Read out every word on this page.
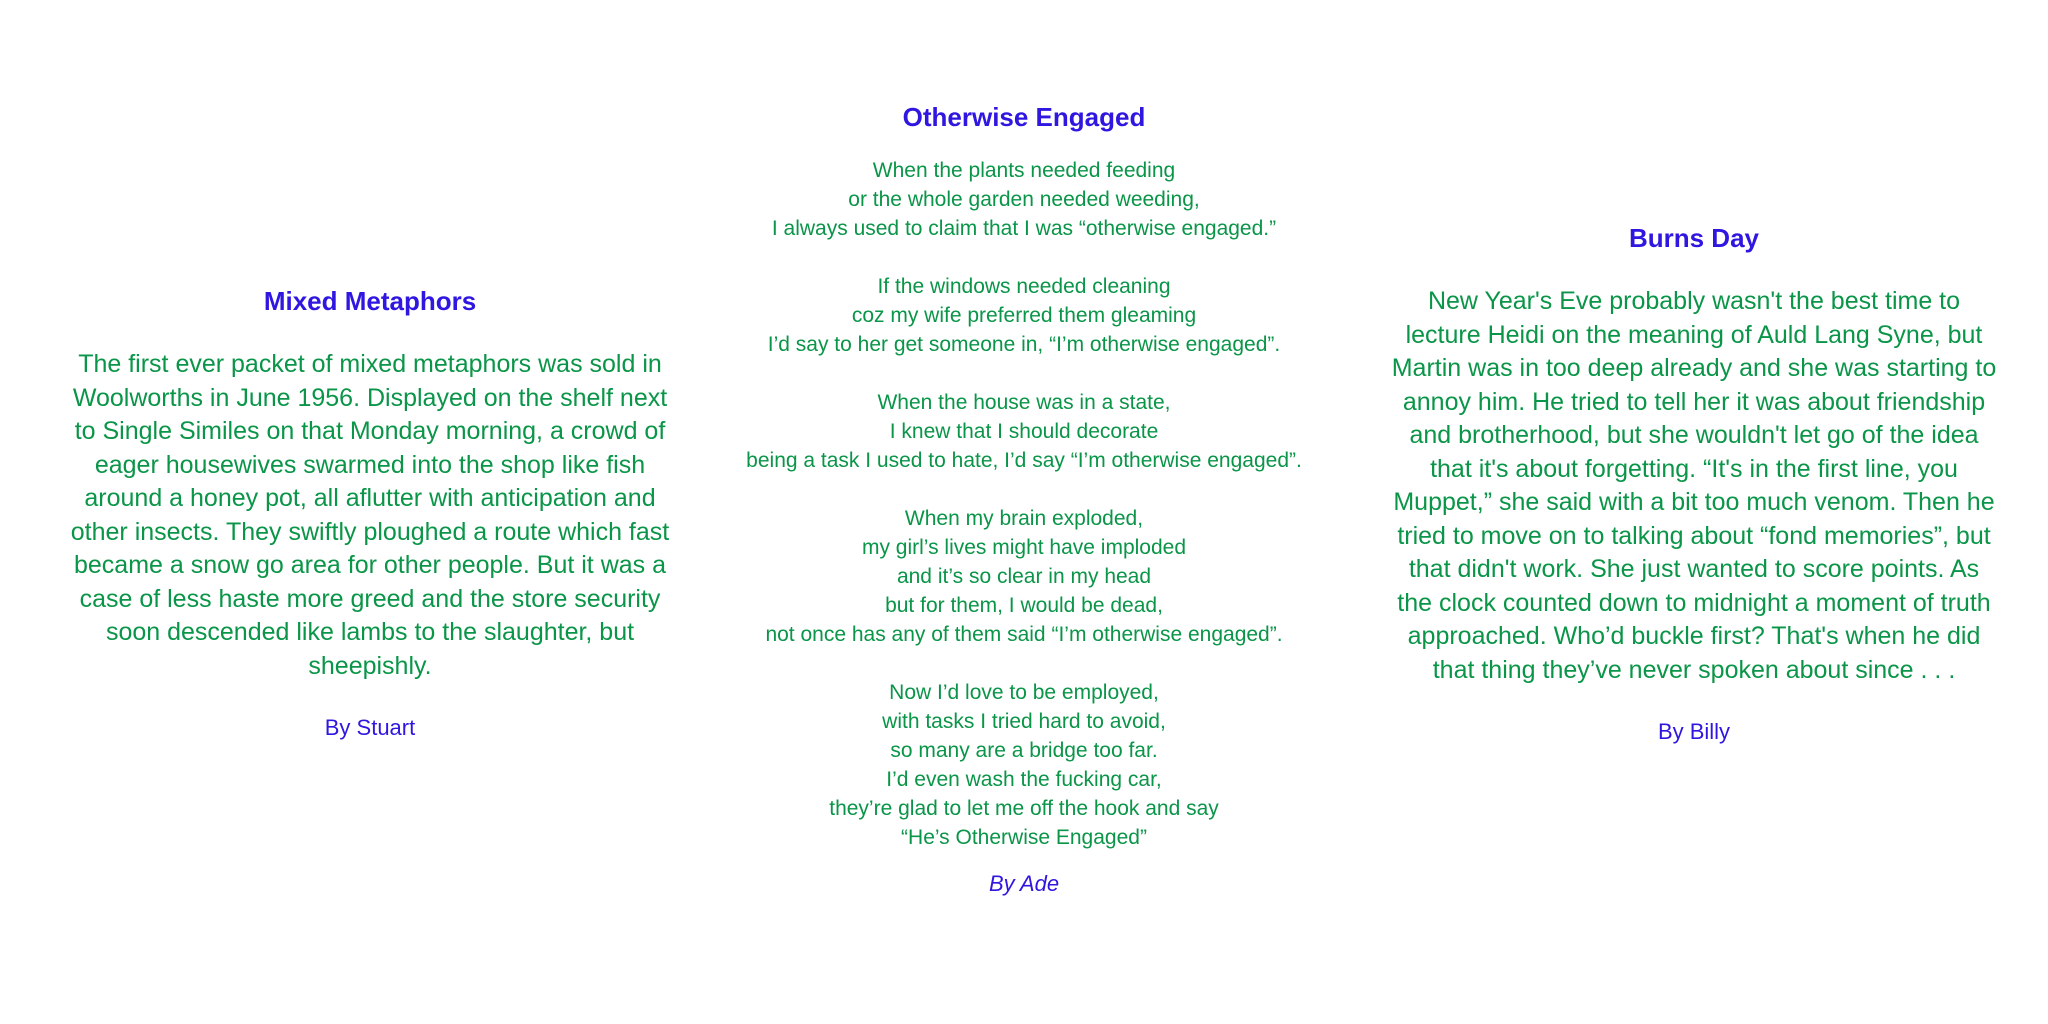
Mixed Metaphors

The first ever packet of mixed metaphors was sold in Woolworths in June 1956. Displayed on the shelf next to Single Similes on that Monday morning, a crowd of eager housewives swarmed into the shop like fish around a honey pot, all aflutter with anticipation and other insects. They swiftly ploughed a route which fast became a snow go area for other people. But it was a case of less haste more greed and the store security soon descended like lambs to the slaughter, but sheepishly.

By Stuart

Otherwise Engaged
When the plants needed feeding
or the whole garden needed weeding,
I always used to claim that I was “otherwise engaged.”
If the windows needed cleaning
coz my wife preferred them gleaming
I’d say to her get someone in, “I’m otherwise engaged”.
When the house was in a state,
I knew that I should decorate
being a task I used to hate, I’d say “I’m otherwise engaged”.
When my brain exploded,
my girl’s lives might have imploded
and it’s so clear in my head
but for them, I would be dead,
not once has any of them said “I’m otherwise engaged”.
Now I’d love to be employed,
with tasks I tried hard to avoid,
so many are a bridge too far.
I’d even wash the fucking car,
they’re glad to let me off the hook and say
“He’s Otherwise Engaged”

By Ade

Burns Day

New Year's Eve probably wasn't the best time to lecture Heidi on the meaning of Auld Lang Syne, but Martin was in too deep already and she was starting to annoy him. He tried to tell her it was about friendship and brotherhood, but she wouldn't let go of the idea that it's about forgetting. “It's in the first line, you Muppet,” she said with a bit too much venom. Then he tried to move on to talking about “fond memories”, but that didn't work. She just wanted to score points. As the clock counted down to midnight a moment of truth approached. Who’d buckle first? That's when he did that thing they’ve never spoken about since . . .

By Billy
